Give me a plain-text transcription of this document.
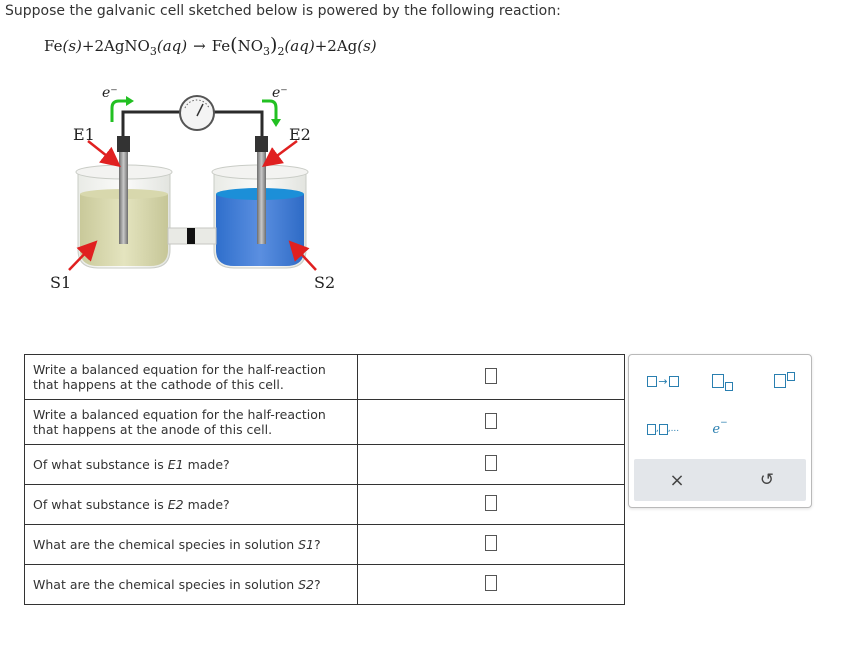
Suppose the galvanic cell sketched below is powered by the following reaction:
Fe(s)+2AgNO$_3$(aq) → $Fe(NO_3)_2(aq)+2Ag(s)$
e⁻	e⁻
E1	E2
S1	S2
Write a balanced equation for the half-reaction that happens at the cathode of this cell.	
Write a balanced equation for the half-reaction that happens at the anode of this cell.	
Of what substance is E1 made?	
Of what substance is E2 made?	
What are the chemical species in solution S1?	
What are the chemical species in solution S2?	
→
, ,...	e −
×	↺
